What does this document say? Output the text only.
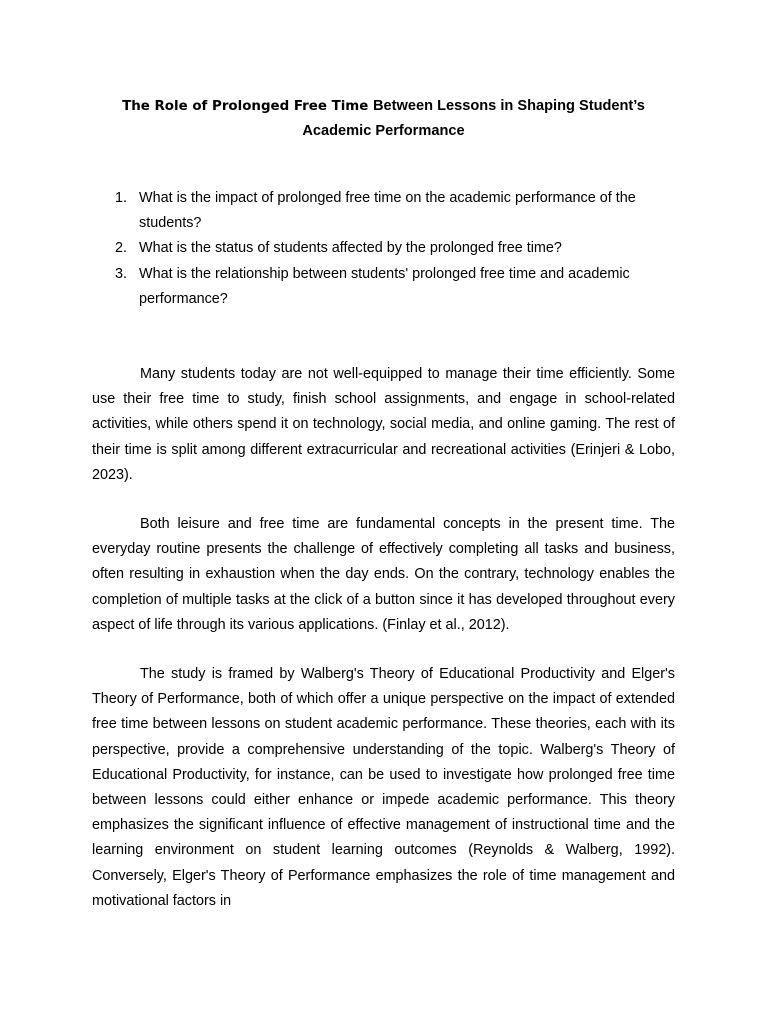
The Role of Prolonged Free Time Between Lessons in Shaping Student’s Academic Performance
1. What is the impact of prolonged free time on the academic performance of the students?
2. What is the status of students affected by the prolonged free time?
3. What is the relationship between students' prolonged free time and academic performance?

Many students today are not well-equipped to manage their time efficiently. Some use their free time to study, finish school assignments, and engage in school-related activities, while others spend it on technology, social media, and online gaming. The rest of their time is split among different extracurricular and recreational activities (Erinjeri & Lobo, 2023).

Both leisure and free time are fundamental concepts in the present time. The everyday routine presents the challenge of effectively completing all tasks and business, often resulting in exhaustion when the day ends. On the contrary, technology enables the completion of multiple tasks at the click of a button since it has developed throughout every aspect of life through its various applications. (Finlay et al., 2012).

The study is framed by Walberg's Theory of Educational Productivity and Elger's Theory of Performance, both of which offer a unique perspective on the impact of extended free time between lessons on student academic performance. These theories, each with its perspective, provide a comprehensive understanding of the topic. Walberg's Theory of Educational Productivity, for instance, can be used to investigate how prolonged free time between lessons could either enhance or impede academic performance. This theory emphasizes the significant influence of effective management of instructional time and the learning environment on student learning outcomes (Reynolds & Walberg, 1992). Conversely, Elger's Theory of Performance emphasizes the role of time management and motivational factors in
